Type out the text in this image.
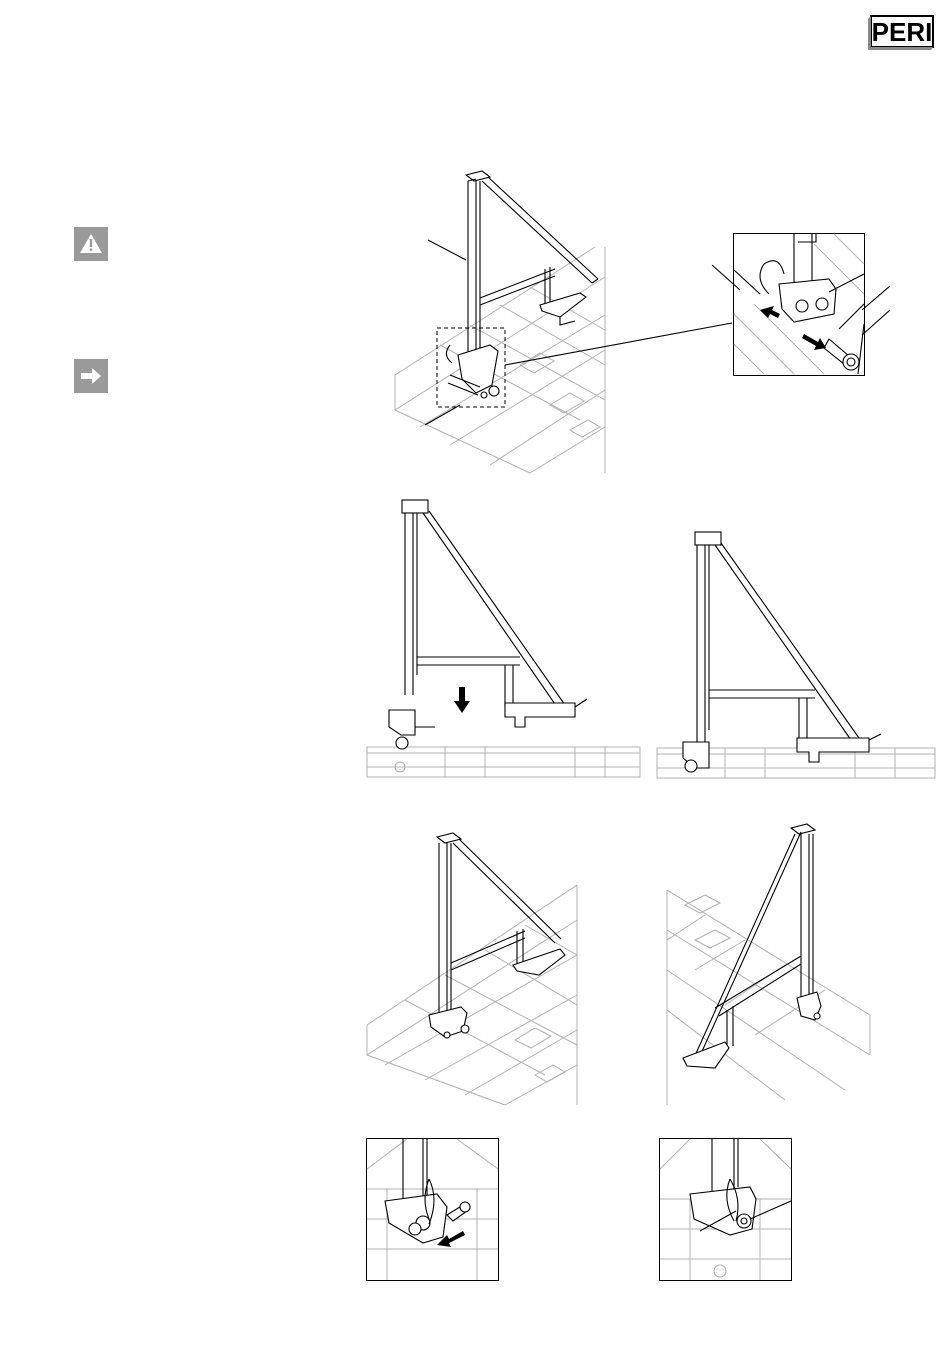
PERI
